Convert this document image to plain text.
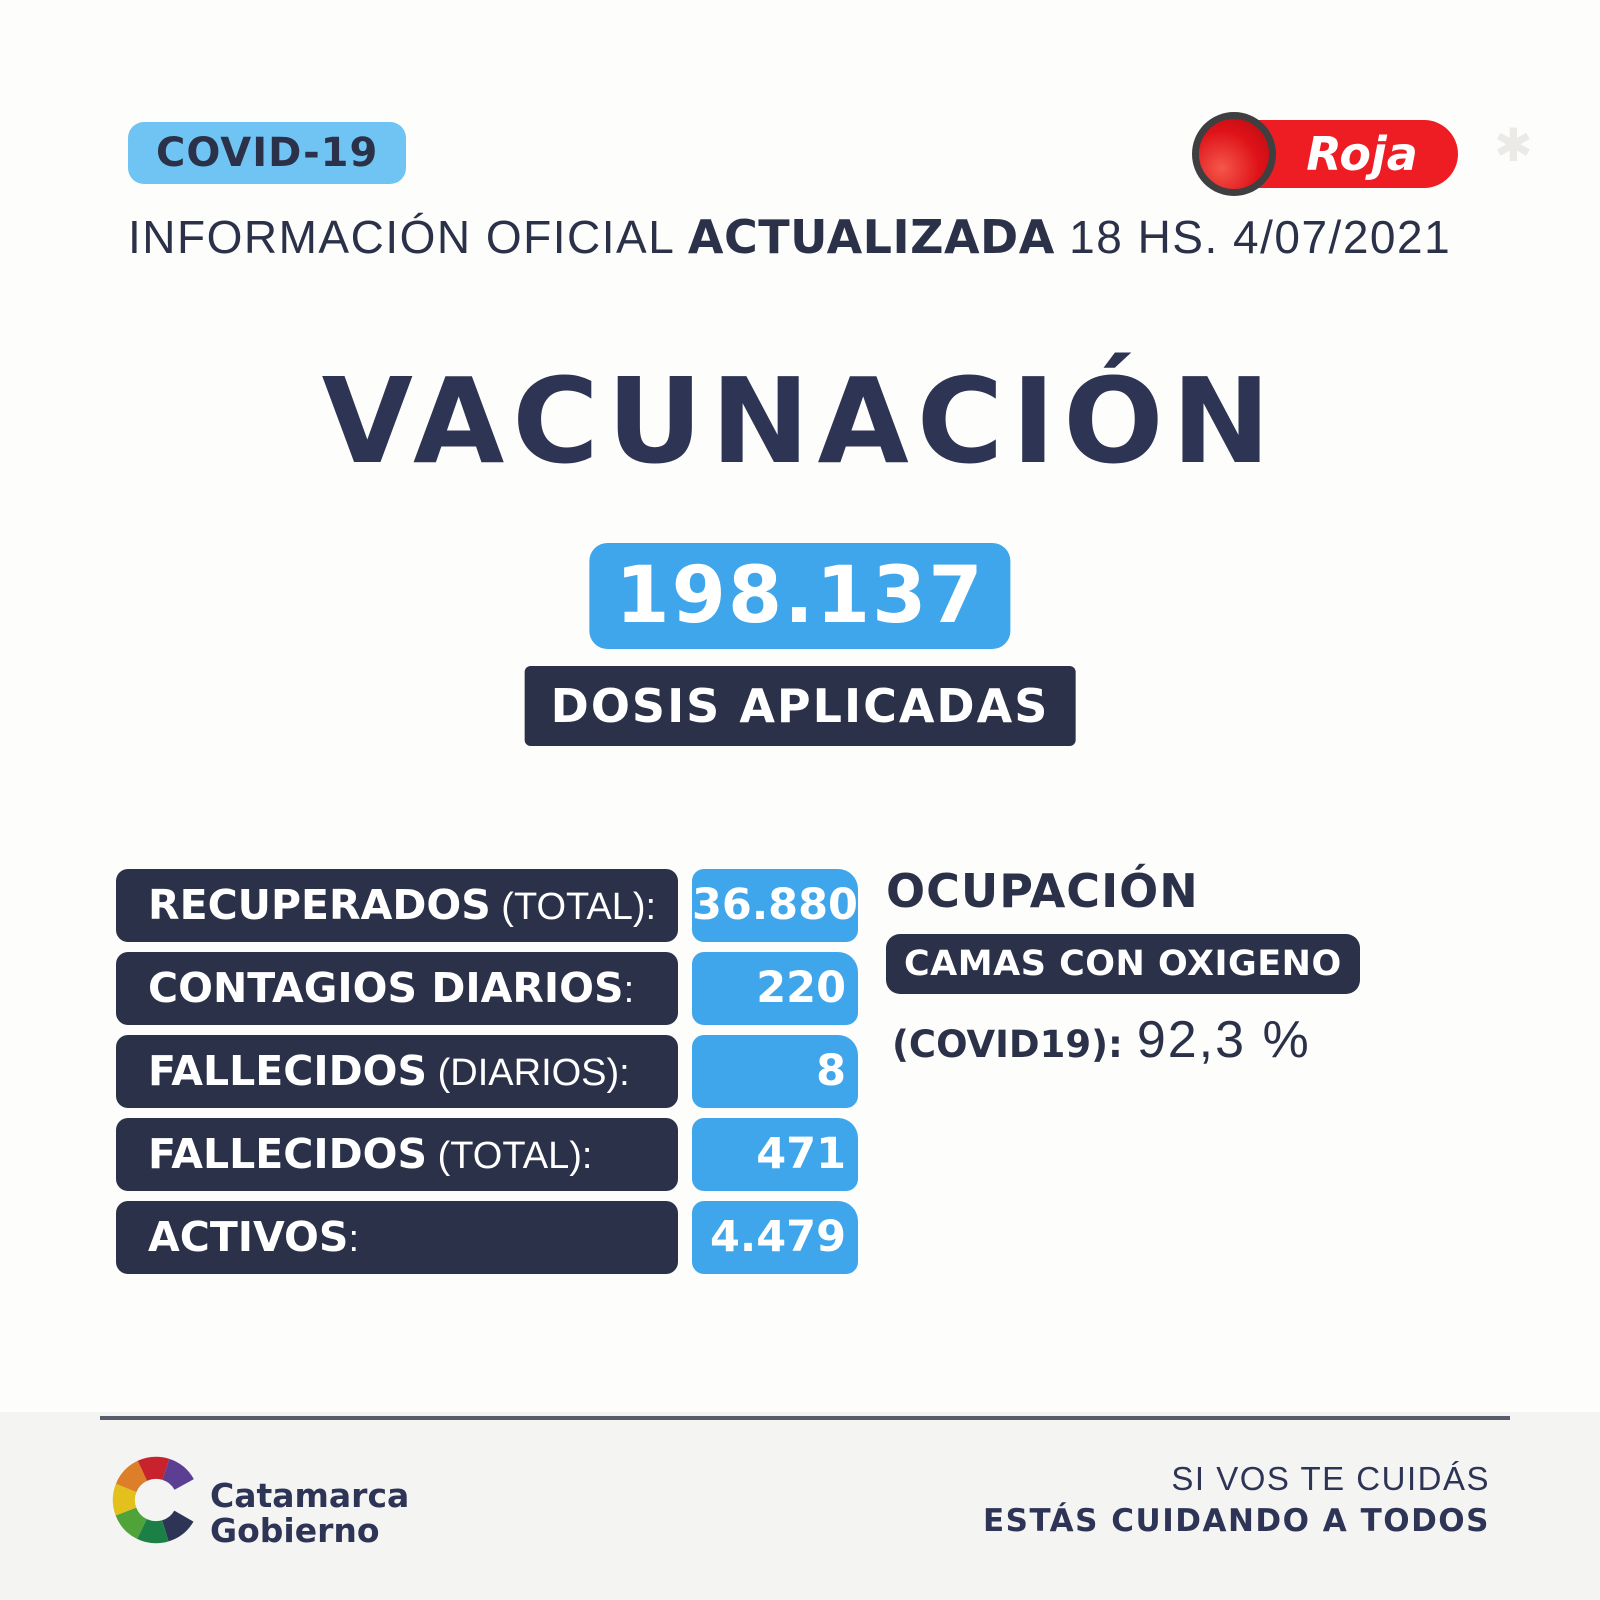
COVID-19	Roja ✱
INFORMACIÓN OFICIAL ACTUALIZADA 18 HS. 4/07/2021
VACUNACIÓN
198.137
DOSIS APLICADAS
RECUPERADOS (TOTAL): 36.880
CONTAGIOS DIARIOS:	220
FALLECIDOS (DIARIOS):	8
FALLECIDOS (TOTAL):	471
ACTIVOS:	4.479
OCUPACIÓN
CAMAS CON OXIGENO
(COVID19): 92,3 %
Catamarca
Gobierno
SI VOS TE CUIDÁS
ESTÁS CUIDANDO A TODOS
